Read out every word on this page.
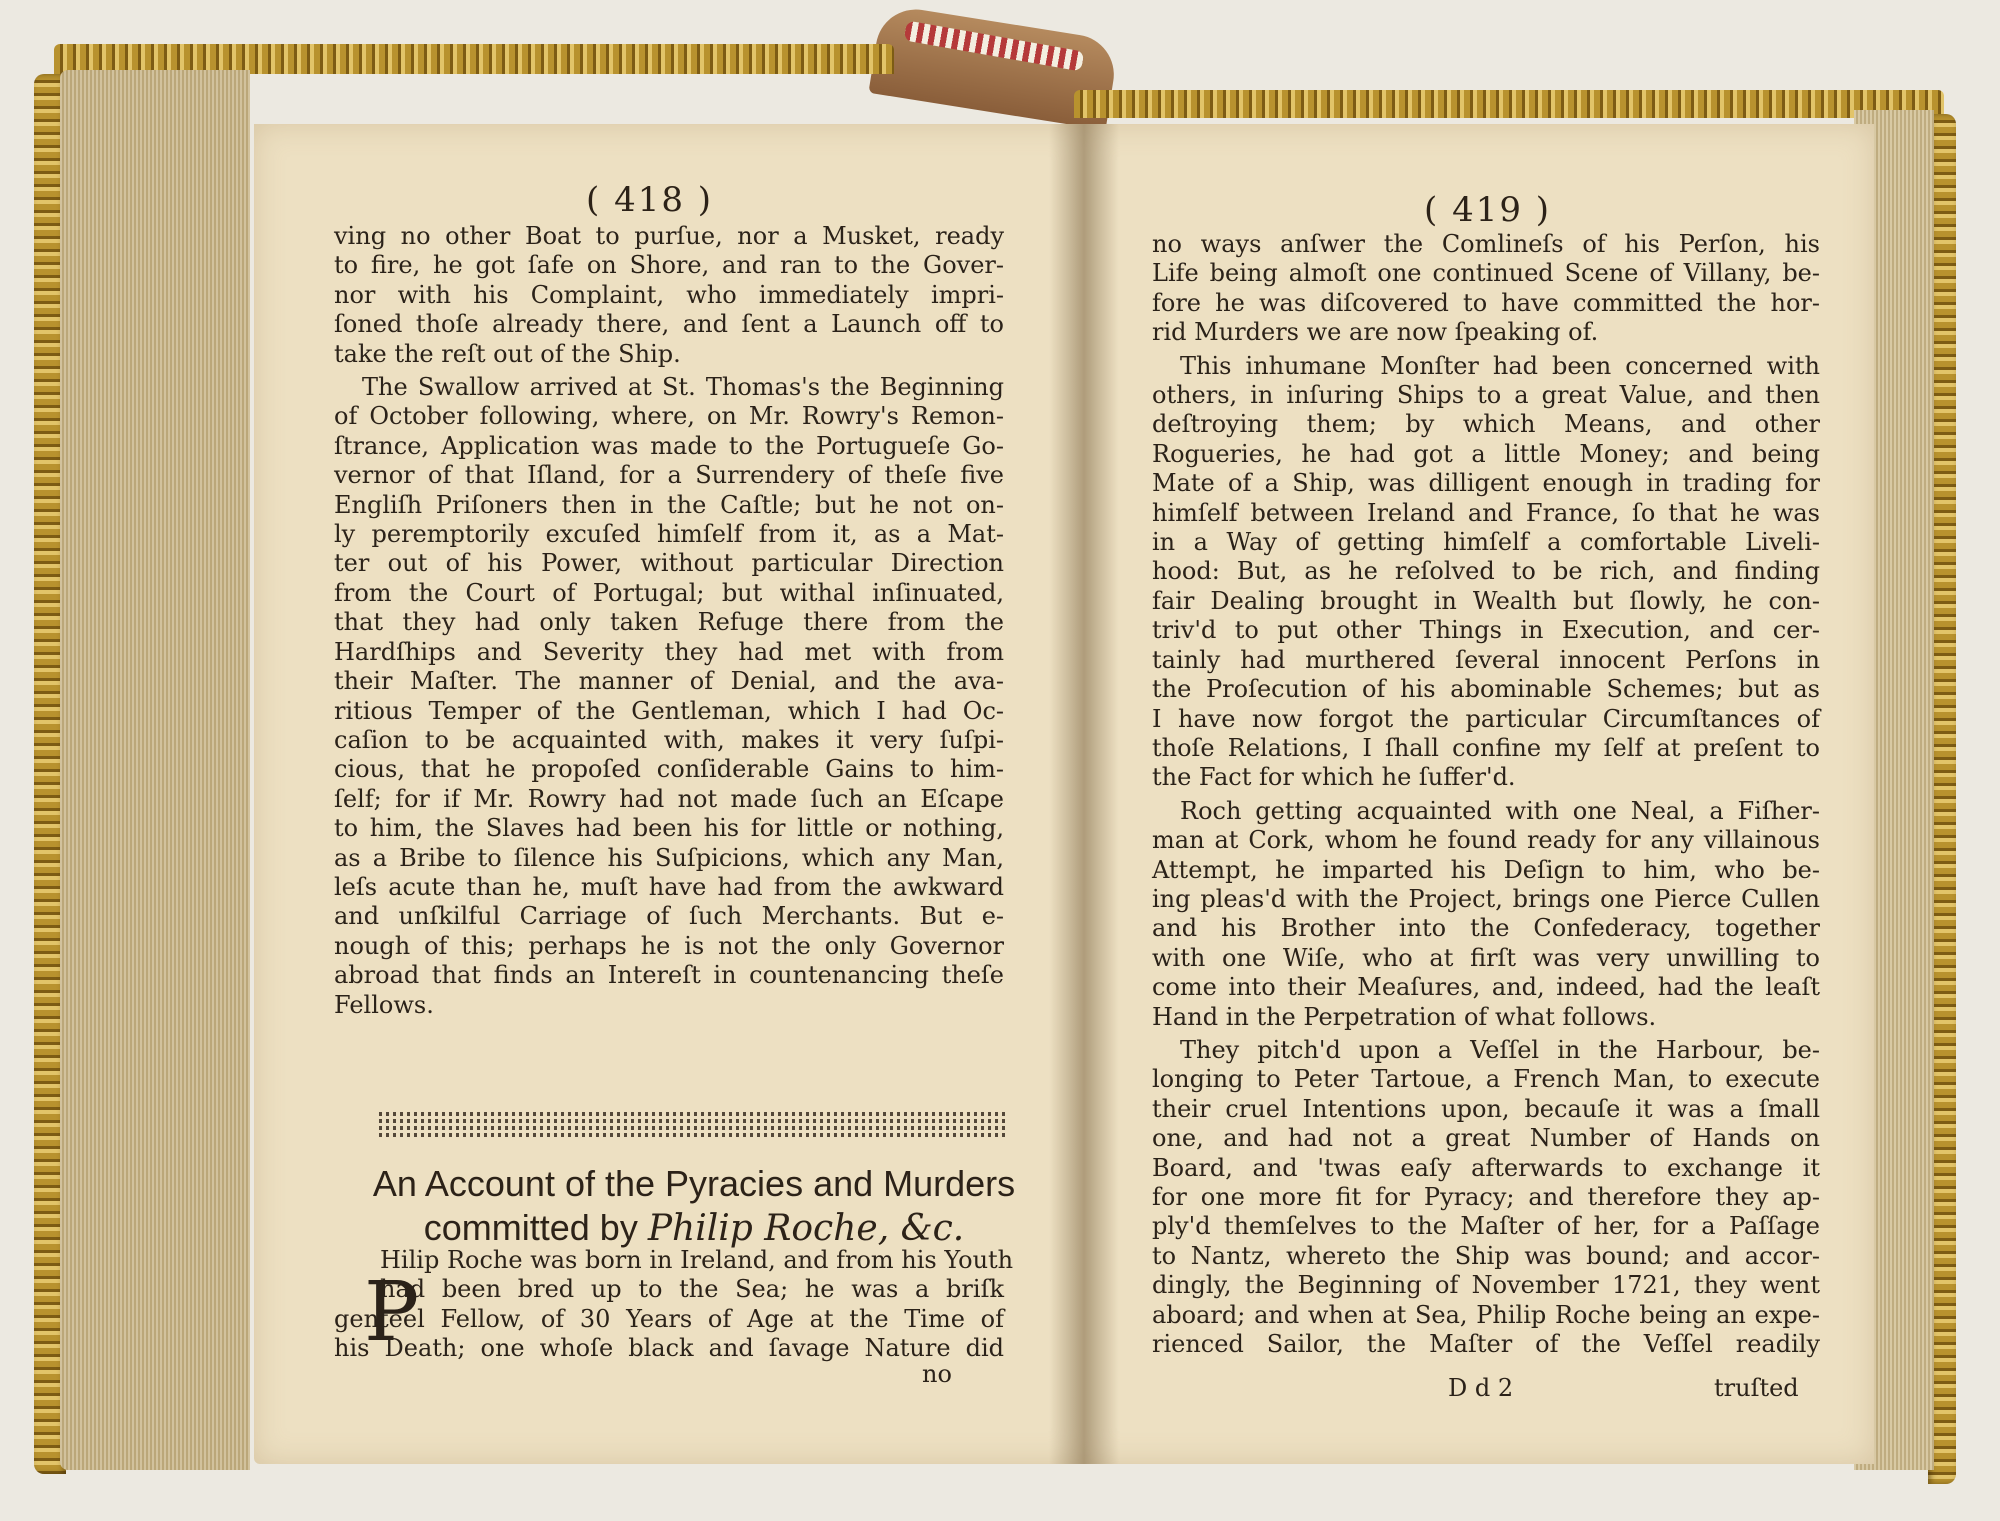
( 418 )
ving no other Boat to purſue, nor a Musket, ready
to fire, he got ſafe on Shore, and ran to the Gover-
nor with his Complaint, who immediately impri-
ſoned thoſe already there, and ſent a Launch off to
take the reſt out of the Ship.
The Swallow arrived at St. Thomas's the Beginning
of October following, where, on Mr. Rowry's Remon-
ſtrance, Application was made to the Portugueſe Go-
vernor of that Iſland, for a Surrendery of theſe five
Engliſh Priſoners then in the Caſtle; but he not on-
ly peremptorily excuſed himſelf from it, as a Mat-
ter out of his Power, without particular Direction
from the Court of Portugal; but withal inſinuated,
that they had only taken Refuge there from the
Hardſhips and Severity they had met with from
their Maſter. The manner of Denial, and the ava-
ritious Temper of the Gentleman, which I had Oc-
caſion to be acquainted with, makes it very ſuſpi-
cious, that he propoſed conſiderable Gains to him-
ſelf; for if Mr. Rowry had not made ſuch an Eſcape
to him, the Slaves had been his for little or nothing,
as a Bribe to ſilence his Suſpicions, which any Man,
leſs acute than he, muſt have had from the awkward
and unſkilful Carriage of ſuch Merchants. But e-
nough of this; perhaps he is not the only Governor
abroad that finds an Intereſt in countenancing theſe
Fellows.
An Account of the Pyracies and Murders
committed by Philip Roche, &c.
P
Hilip Roche was born in Ireland, and from his Youth
had been bred up to the Sea; he was a briſk
genteel Fellow, of 30 Years of Age at the Time of
his Death; one whoſe black and ſavage Nature did
no
( 419 )
no ways anſwer the Comlineſs of his Perſon, his
Life being almoſt one continued Scene of Villany, be-
fore he was diſcovered to have committed the hor-
rid Murders we are now ſpeaking of.
This inhumane Monſter had been concerned with
others, in inſuring Ships to a great Value, and then
deſtroying them; by which Means, and other
Rogueries, he had got a little Money; and being
Mate of a Ship, was dilligent enough in trading for
himſelf between Ireland and France, ſo that he was
in a Way of getting himſelf a comfortable Liveli-
hood: But, as he reſolved to be rich, and finding
fair Dealing brought in Wealth but ſlowly, he con-
triv'd to put other Things in Execution, and cer-
tainly had murthered ſeveral innocent Perſons in
the Proſecution of his abominable Schemes; but as
I have now forgot the particular Circumſtances of
thoſe Relations, I ſhall confine my ſelf at preſent to
the Fact for which he ſuffer'd.
Roch getting acquainted with one Neal, a Fiſher-
man at Cork, whom he found ready for any villainous
Attempt, he imparted his Deſign to him, who be-
ing pleas'd with the Project, brings one Pierce Cullen
and his Brother into the Confederacy, together
with one Wiſe, who at firſt was very unwilling to
come into their Meaſures, and, indeed, had the leaſt
Hand in the Perpetration of what follows.
They pitch'd upon a Veſſel in the Harbour, be-
longing to Peter Tartoue, a French Man, to execute
their cruel Intentions upon, becauſe it was a ſmall
one, and had not a great Number of Hands on
Board, and 'twas eaſy afterwards to exchange it
for one more fit for Pyracy; and therefore they ap-
ply'd themſelves to the Maſter of her, for a Paſſage
to Nantz, whereto the Ship was bound; and accor-
dingly, the Beginning of November 1721, they went
aboard; and when at Sea, Philip Roche being an expe-
rienced Sailor, the Maſter of the Veſſel readily
D d 2	truſted
